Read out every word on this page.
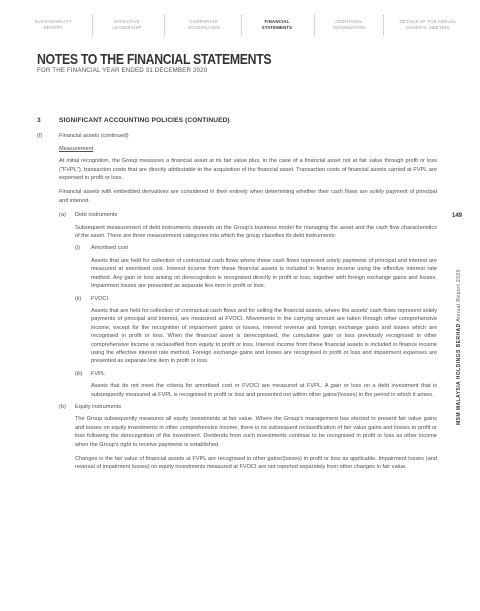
SUSTAINABILITY
REPORT
EFFECTIVE
LEADERSHIP
CORPORATE
GOVERNANCE
FINANCIAL
STATEMENTS
ADDITIONAL
INFORMATION
DETAILS OF THE ANNUAL
GENERAL MEETING
NOTES TO THE FINANCIAL STATEMENTS
FOR THE FINANCIAL YEAR ENDED 31 DECEMBER 2020
3	SIGNIFICANT ACCOUNTING POLICIES (CONTINUED)
(f)	Financial assets (continued)
Measurement

At initial recognition, the Group measures a financial asset at its fair value plus, in the case of a financial asset not at fair value through profit or loss ("FVPL"), transaction costs that are directly attributable to the acquisition of the financial asset. Transaction costs of financial assets carried at FVPL are expensed in profit or loss.

Financial assets with embedded derivatives are considered in their entirety when determining whether their cash flows are solely payment of principal and interest.

(a) Debt instruments

Subsequent measurement of debt instruments depends on the Group's business model for managing the asset and the cash flow characteristics of the asset. There are three measurement categories into which the group classifies its debt instruments:

(i) Amortised cost

Assets that are held for collection of contractual cash flows where those cash flows represent solely payments of principal and interest are measured at amortised cost. Interest income from these financial assets is included in finance income using the effective interest rate method. Any gain or loss arising on derecognition is recognised directly in profit or loss, together with foreign exchange gains and losses. Impairment losses are presented as separate line item in profit or loss.

(ii) FVOCI

Assets that are held for collection of contractual cash flows and for selling the financial assets, where the assets' cash flows represent solely payments of principal and interest, are measured at FVOCI. Movements in the carrying amount are taken through other comprehensive income, except for the recognition of impairment gains or losses, interest revenue and foreign exchange gains and losses which are recognised in profit or loss. When the financial asset is derecognised, the cumulative gain or loss previously recognised in other comprehensive income is reclassified from equity to profit or loss. Interest income from these financial assets is included in finance income using the effective interest rate method. Foreign exchange gains and losses are recognised in profit or loss and impairment expenses are presented as separate line item in profit or loss.

(iii) FVPL

Assets that do not meet the criteria for amortised cost or FVOCI are measured at FVPL. A gain or loss on a debt investment that is subsequently measured at FVPL is recognised in profit or loss and presented net within other gains/(losses) in the period in which it arises.

(b) Equity instruments

The Group subsequently measures all equity investments at fair value. Where the Group's management has elected to present fair value gains and losses on equity investments in other comprehensive income, there is no subsequent reclassification of fair value gains and losses to profit or loss following the derecognition of the investment. Dividends from such investments continue to be recognised in profit or loss as other income when the Group's right to receive payments is established.

Changes in the fair value of financial assets at FVPL are recognised in other gains/(losses) in profit or loss as applicable. Impairment losses (and reversal of impairment losses) on equity investments measured at FVOCI are not reported separately from other changes in fair value.

149
MSM MALAYSIA HOLDINGS BERHAD Annual Report 2020
